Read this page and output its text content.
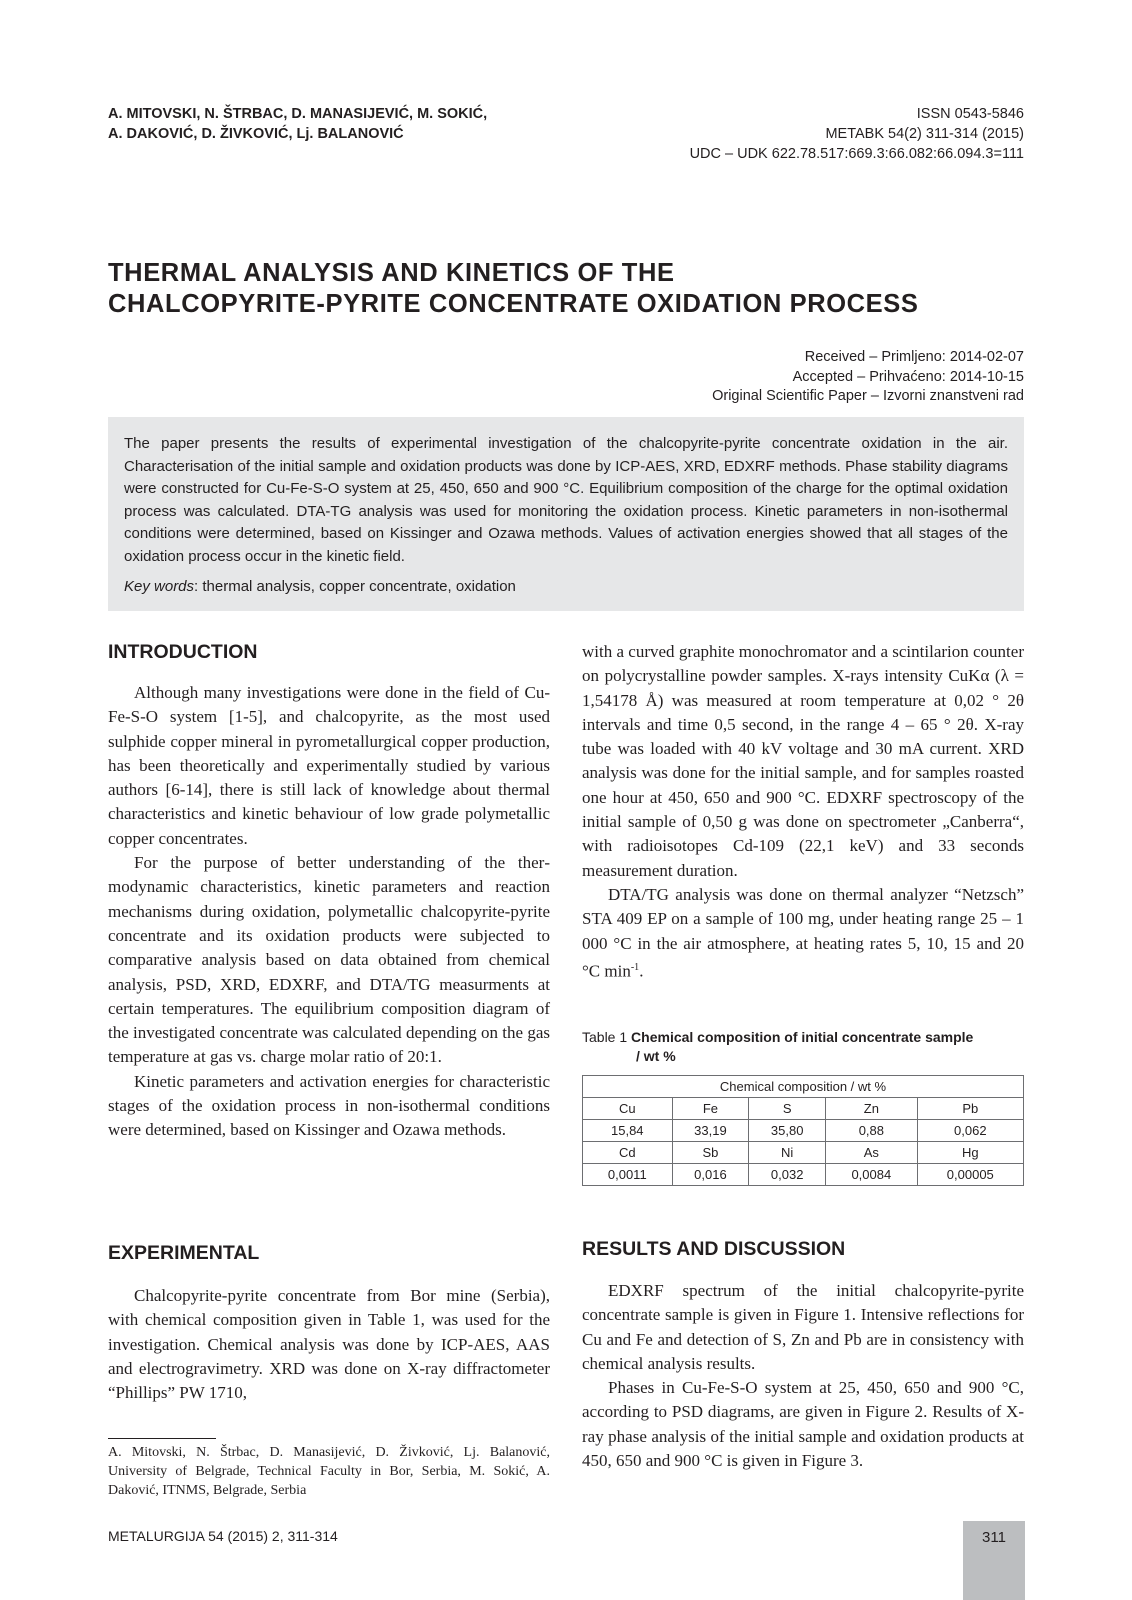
A. MITOVSKI, N. ŠTRBAC, D. MANASIJEVIĆ, M. SOKIĆ,
A. DAKOVIĆ, D. ŽIVKOVIĆ, Lj. BALANOVIĆ
ISSN 0543-5846
METABK 54(2) 311-314 (2015)
UDC – UDK 622.78.517:669.3:66.082:66.094.3=111
THERMAL ANALYSIS AND KINETICS OF THE
CHALCOPYRITE-PYRITE CONCENTRATE OXIDATION PROCESS
Received – Primljeno: 2014-02-07
Accepted – Prihvaćeno: 2014-10-15
Original Scientific Paper – Izvorni znanstveni rad
The paper presents the results of experimental investigation of the chalcopyrite-pyrite concentrate oxidation in the air. Characterisation of the initial sample and oxidation products was done by ICP-AES, XRD, EDXRF methods. Phase stability diagrams were constructed for Cu-Fe-S-O system at 25, 450, 650 and 900 °C. Equilibrium composition of the charge for the optimal oxidation process was calculated. DTA-TG analysis was used for monitoring the oxidation process. Kinetic parameters in non-isothermal conditions were determined, based on Kissinger and Ozawa methods. Values of activation energies showed that all stages of the oxidation process occur in the kinetic field.
Key words: thermal analysis, copper concentrate, oxidation
INTRODUCTION

Although many investigations were done in the field of Cu-Fe-S-O system [1-5], and chalcopyrite, as the most used sulphide copper mineral in pyrometallurgical copper production, has been theoretically and experimentally studied by various authors [6-14], there is still lack of knowledge about thermal characteristics and kinetic behaviour of low grade polymetallic copper concentrates.

For the purpose of better understanding of the thermodynamic characteristics, kinetic parameters and reaction mechanisms during oxidation, polymetallic chalcopyrite-pyrite concentrate and its oxidation products were subjected to comparative analysis based on data obtained from chemical analysis, PSD, XRD, EDXRF, and DTA/TG measurments at certain temperatures. The equilibrium composition diagram of the investigated concentrate was calculated depending on the gas temperature at gas vs. charge molar ratio of 20:1.

Kinetic parameters and activation energies for characteristic stages of the oxidation process in non-isothermal conditions were determined, based on Kissinger and Ozawa methods.

EXPERIMENTAL

Chalcopyrite-pyrite concentrate from Bor mine (Serbia), with chemical composition given in Table 1, was used for the investigation. Chemical analysis was done by ICP-AES, AAS and electrogravimetry. XRD was done on X-ray diffractometer “Phillips” PW 1710,

A. Mitovski, N. Štrbac, D. Manasijević, D. Živković, Lj. Balanović, University of Belgrade, Technical Faculty in Bor, Serbia, M. Sokić, A. Daković, ITNMS, Belgrade, Serbia

with a curved graphite monochromator and a scintilarion counter on polycrystalline powder samples. X-rays intensity CuKα (λ = 1,54178 Å) was measured at room temperature at 0,02 ° 2θ intervals and time 0,5 second, in the range 4 – 65 ° 2θ. X-ray tube was loaded with 40 kV voltage and 30 mA current. XRD analysis was done for the initial sample, and for samples roasted one hour at 450, 650 and 900 °C. EDXRF spectroscopy of the initial sample of 0,50 g was done on spectrometer „Canberra“, with radioisotopes Cd-109 (22,1 keV) and 33 seconds measurement duration.

DTA/TG analysis was done on thermal analyzer “Netzsch” STA 409 EP on a sample of 100 mg, under heating range 25 – 1 000 °C in the air atmosphere, at heating rates 5, 10, 15 and 20 °C $\min^{-1}$.

Table 1 Chemical composition of initial concentrate sample
/ wt %
Chemical composition / wt %				
Cu	Fe	S	Zn	Pb
15,84	33,19	35,80	0,88	0,062
Cd	Sb	Ni	As	Hg
0,0011	0,016	0,032	0,0084	0,00005
RESULTS AND DISCUSSION

EDXRF spectrum of the initial chalcopyrite-pyrite concentrate sample is given in Figure 1. Intensive reflections for Cu and Fe and detection of S, Zn and Pb are in consistency with chemical analysis results.

Phases in Cu-Fe-S-O system at 25, 450, 650 and 900 °C, according to PSD diagrams, are given in Figure 2. Results of X-ray phase analysis of the initial sample and oxidation products at 450, 650 and 900 °C is given in Figure 3.

METALURGIJA 54 (2015) 2, 311-314	311
